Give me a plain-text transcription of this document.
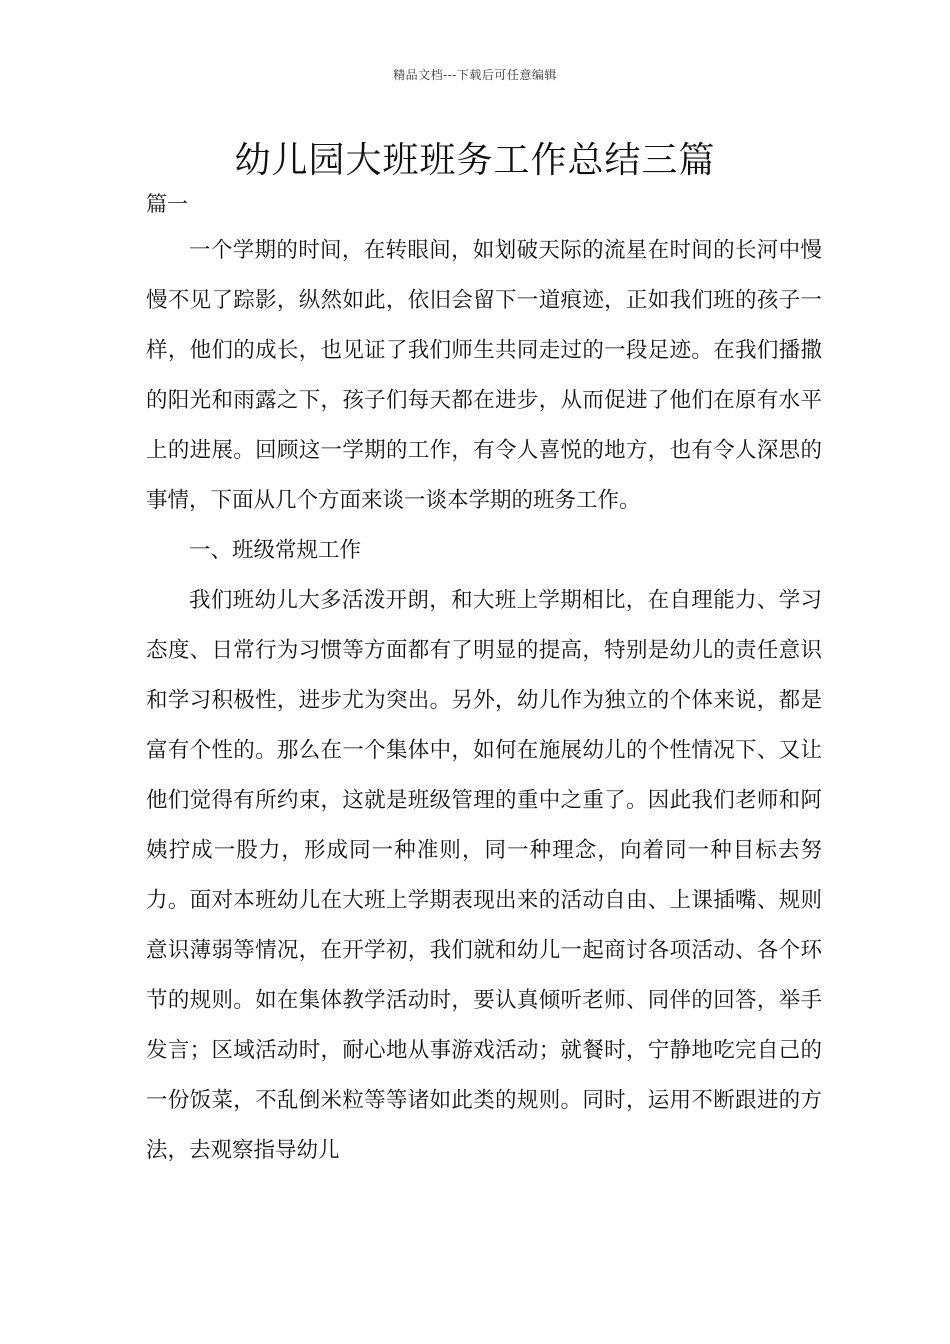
精品文档---下载后可任意编辑
幼儿园大班班务工作总结三篇
篇一

一个学期的时间，在转眼间，如划破天际的流星在时间的长河中慢慢不见了踪影，纵然如此，依旧会留下一道痕迹，正如我们班的孩子一样，他们的成长，也见证了我们师生共同走过的一段足迹。在我们播撒的阳光和雨露之下，孩子们每天都在进步，从而促进了他们在原有水平上的进展。回顾这一学期的工作，有令人喜悦的地方，也有令人深思的事情，下面从几个方面来谈一谈本学期的班务工作。

一、班级常规工作

我们班幼儿大多活泼开朗，和大班上学期相比，在自理能力、学习态度、日常行为习惯等方面都有了明显的提高，特别是幼儿的责任意识和学习积极性，进步尤为突出。另外，幼儿作为独立的个体来说，都是富有个性的。那么在一个集体中，如何在施展幼儿的个性情况下、又让他们觉得有所约束，这就是班级管理的重中之重了。因此我们老师和阿姨拧成一股力，形成同一种准则，同一种理念，向着同一种目标去努力。面对本班幼儿在大班上学期表现出来的活动自由、上课插嘴、规则意识薄弱等情况，在开学初，我们就和幼儿一起商讨各项活动、各个环节的规则。如在集体教学活动时，要认真倾听老师、同伴的回答，举手发言；区域活动时，耐心地从事游戏活动；就餐时，宁静地吃完自己的一份饭菜，不乱倒米粒等等诸如此类的规则。同时，运用不断跟进的方法，去观察指导幼儿
